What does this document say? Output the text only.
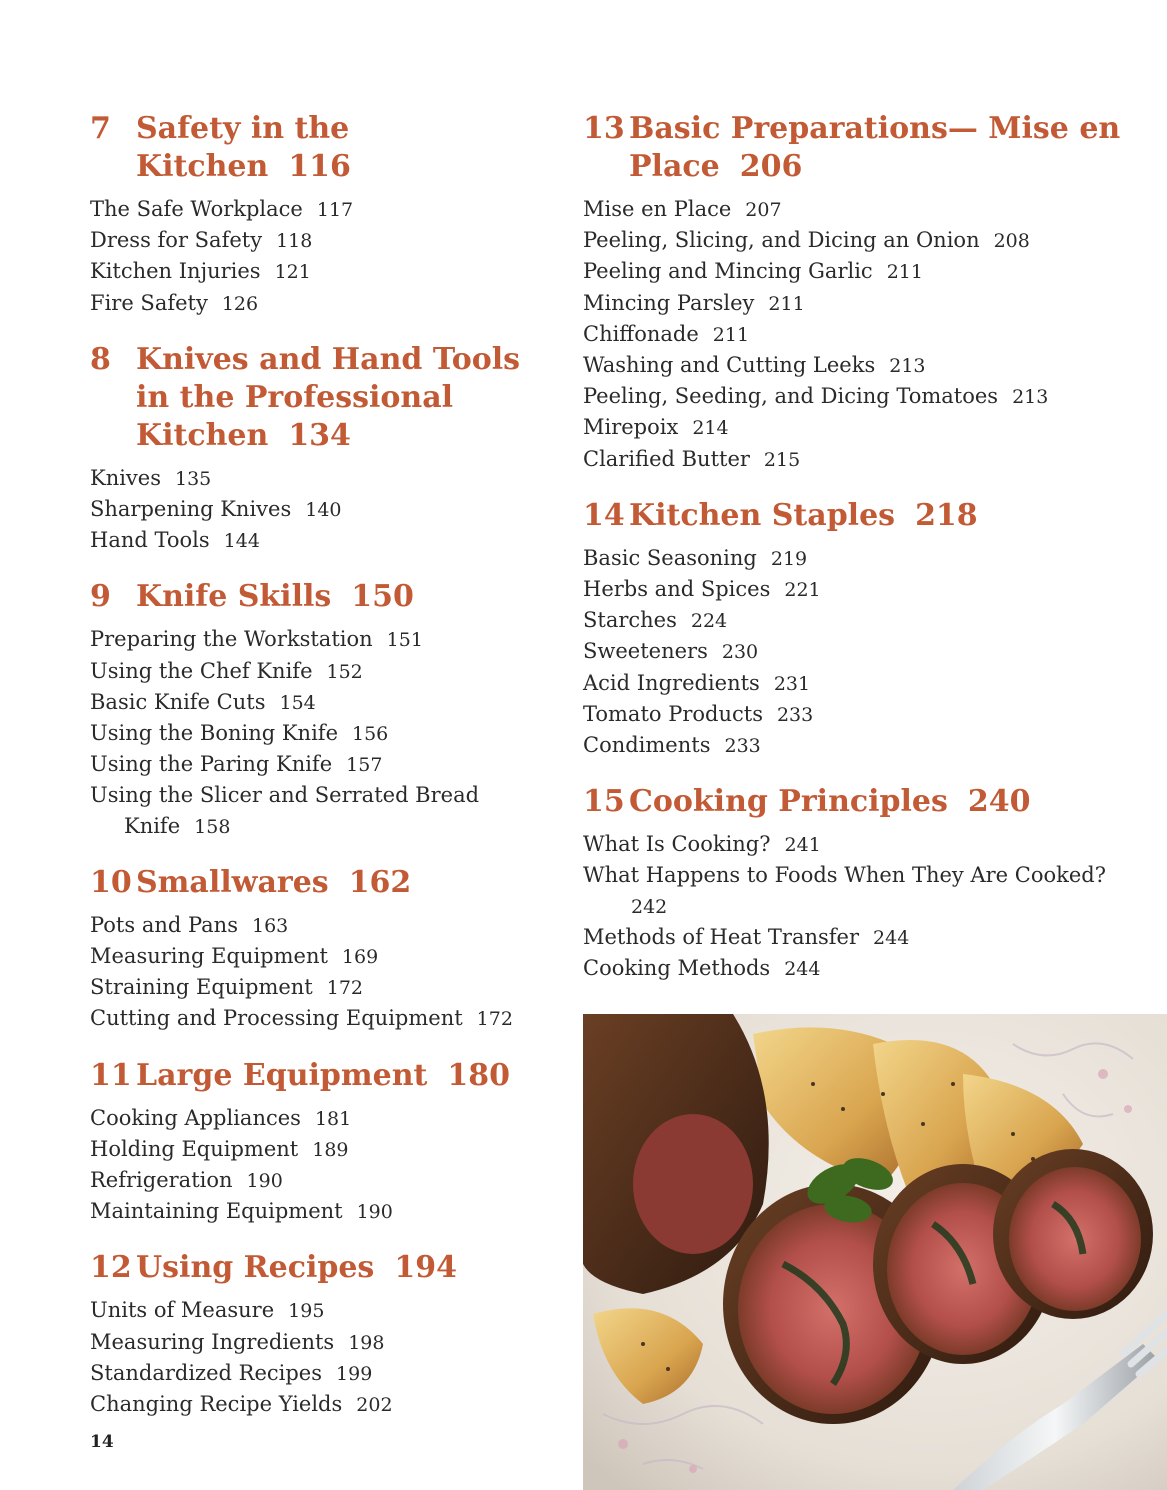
7 Safety in the Kitchen 116
The Safe Workplace 117
Dress for Safety 118
Kitchen Injuries 121
Fire Safety 126
8 Knives and Hand Tools in the Professional Kitchen 134
Knives 135
Sharpening Knives 140
Hand Tools 144
9 Knife Skills 150
Preparing the Workstation 151
Using the Chef Knife 152
Basic Knife Cuts 154
Using the Boning Knife 156
Using the Paring Knife 157
Using the Slicer and Serrated Bread Knife 158
10 Smallwares 162
Pots and Pans 163
Measuring Equipment 169
Straining Equipment 172
Cutting and Processing Equipment 172
11 Large Equipment 180
Cooking Appliances 181
Holding Equipment 189
Refrigeration 190
Maintaining Equipment 190
12 Using Recipes 194
Units of Measure 195
Measuring Ingredients 198
Standardized Recipes 199
Changing Recipe Yields 202
13 Basic Preparations— Mise en Place 206
Mise en Place 207
Peeling, Slicing, and Dicing an Onion 208
Peeling and Mincing Garlic 211
Mincing Parsley 211
Chiffonade 211
Washing and Cutting Leeks 213
Peeling, Seeding, and Dicing Tomatoes 213
Mirepoix 214
Clarified Butter 215
14 Kitchen Staples 218
Basic Seasoning 219
Herbs and Spices 221
Starches 224
Sweeteners 230
Acid Ingredients 231
Tomato Products 233
Condiments 233
15 Cooking Principles 240
What Is Cooking? 241
What Happens to Foods When They Are Cooked?242
Methods of Heat Transfer 244
Cooking Methods 244
14
